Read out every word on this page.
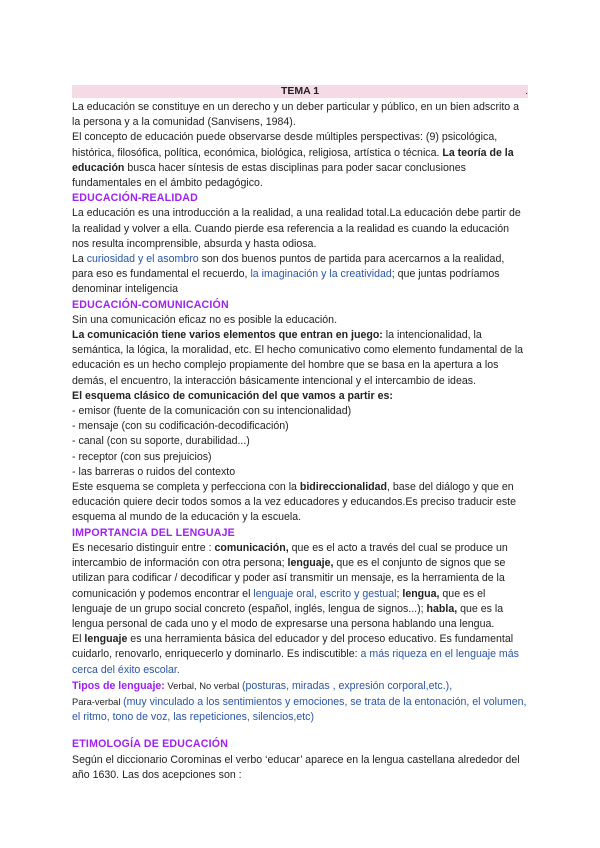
TEMA 1	.

La educación se constituye en un derecho y un deber particular y público, en un bien adscrito a la persona y a la comunidad (Sanvisens, 1984).

El concepto de educación puede observarse desde múltiples perspectivas: (9) psicológica, histórica, filosófica, política, económica, biológica, religiosa, artística o técnica. La teoría de la educación busca hacer síntesis de estas disciplinas para poder sacar conclusiones fundamentales en el ámbito pedagógico.

EDUCACIÓN-REALIDAD

La educación es una introducción a la realidad, a una realidad total.La educación debe partir de la realidad y volver a ella. Cuando pierde esa referencia a la realidad es cuando la educación nos resulta incomprensible, absurda y hasta odiosa.

La curiosidad y el asombro son dos buenos puntos de partida para acercarnos a la realidad, para eso es fundamental el recuerdo, la imaginación y la creatividad; que juntas podríamos denominar inteligencia

EDUCACIÓN-COMUNICACIÓN

Sin una comunicación eficaz no es posible la educación.

La comunicación tiene varios elementos que entran en juego: la intencionalidad, la semántica, la lógica, la moralidad, etc. El hecho comunicativo como elemento fundamental de la educación es un hecho complejo propiamente del hombre que se basa en la apertura a los demás, el encuentro, la interacción básicamente intencional y el intercambio de ideas.

El esquema clásico de comunicación del que vamos a partir es:

- emisor (fuente de la comunicación con su intencionalidad)
- mensaje (con su codificación-decodificación)
- canal (con su soporte, durabilidad...)
- receptor (con sus prejuicios)
- las barreras o ruidos del contexto

Este esquema se completa y perfecciona con la bidireccionalidad, base del diálogo y que en educación quiere decir todos somos a la vez educadores y educandos.Es preciso traducir este esquema al mundo de la educación y la escuela.

IMPORTANCIA DEL LENGUAJE

Es necesario distinguir entre : comunicación, que es el acto a través del cual se produce un intercambio de información con otra persona; lenguaje, que es el conjunto de signos que se utilizan para codificar / decodificar y poder así transmitir un mensaje, es la herramienta de la comunicación y podemos encontrar el lenguaje oral, escrito y gestual; lengua, que es el lenguaje de un grupo social concreto (español, inglés, lengua de signos...); habla, que es la lengua personal de cada uno y el modo de expresarse una persona hablando una lengua.

El lenguaje es una herramienta básica del educador y del proceso educativo. Es fundamental cuidarlo, renovarlo, enriquecerlo y dominarlo. Es indiscutible: a más riqueza en el lenguaje más cerca del éxito escolar.

Tipos de lenguaje: Verbal, No verbal (posturas, miradas , expresión corporal,etc.),

Para-verbal (muy vinculado a los sentimientos y emociones, se trata de la entonación, el volumen, el ritmo, tono de voz, las repeticiones, silencios,etc)

ETIMOLOGÍA DE EDUCACIÓN

Según el diccionario Corominas el verbo ‘educar’ aparece en la lengua castellana alrededor del año 1630. Las dos acepciones son :
